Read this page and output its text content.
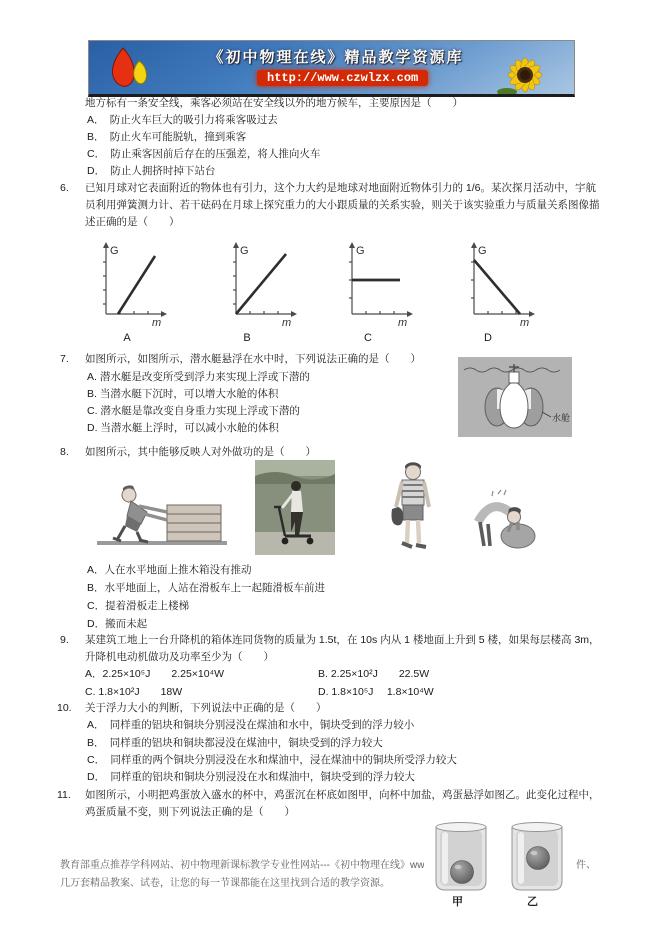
《初中物理在线》精品教学资源库
http://www.czwlzx.com
地方标有一条安全线，乘客必须站在安全线以外的地方候车，主要原因是（　　）
A．　防止火车巨大的吸引力将乘客吸过去
B．　防止火车可能脱轨，撞到乘客
C．　防止乘客因前后存在的压强差，将人推向火车
D．　防止人拥挤时掉下站台
6. 已知月球对它表面附近的物体也有引力，这个力大约是地球对地面附近物体引力的 1/6。某次探月活动中，宇航员利用弹簧测力计、若干砝码在月球上探究重力的大小跟质量的关系实验，则关于该实验重力与质量关系图像描述正确的是（　　）
G
m
G
m
G
m
G
m
A	B	C	D
7. 如图所示，如图所示，潜水艇悬浮在水中时，下列说法正确的是（　　）
A. 潜水艇是改变所受到浮力来实现上浮或下潜的
B. 当潜水艇下沉时，可以增大水舱的体积
C. 潜水艇是靠改变自身重力实现上浮或下潜的
D. 当潜水艇上浮时，可以减小水舱的体积
水舱
8. 如图所示，其中能够反映人对外做功的是（　　）
A．人在水平地面上推木箱没有推动
B．水平地面上，人站在滑板车上一起随滑板车前进
C．提着滑板走上楼梯
D．搬而未起
9. 某建筑工地上一台升降机的箱体连同货物的质量为 1.5t，在 10s 内从 1 楼地面上升到 5 楼，如果每层楼高 3m，升降机电动机做功及功率至少为（　　）
A．2.25×10⁵J　　2.25×10⁴W	B. 2.25×10²J　　22.5W
C. 1.8×10²J　　18W	D. 1.8×10⁵J　 1.8×10⁴W
10. 关于浮力大小的判断，下列说法中正确的是（　　）
A．　同样重的铝块和铜块分别浸没在煤油和水中，铜块受到的浮力较小
B．　同样重的铝块和铜块都浸没在煤油中，铜块受到的浮力较大
C．　同样重的两个铜块分别浸没在水和煤油中，浸在煤油中的铜块所受浮力较大
D．　同样重的铝块和铜块分别浸没在水和煤油中，铜块受到的浮力较大
11. 如图所示，小明把鸡蛋放入盛水的杯中，鸡蛋沉在杯底如图甲，向杯中加盐，鸡蛋悬浮如图乙。此变化过程中，鸡蛋质量不变，则下列说法正确的是（　　）
甲	乙
教育部重点推荐学科网站、初中物理新课标教学专业性网站---《初中物理在线》ww	件、
几万套精品教案、试卷，让您的每一节课都能在这里找到合适的教学资源。
